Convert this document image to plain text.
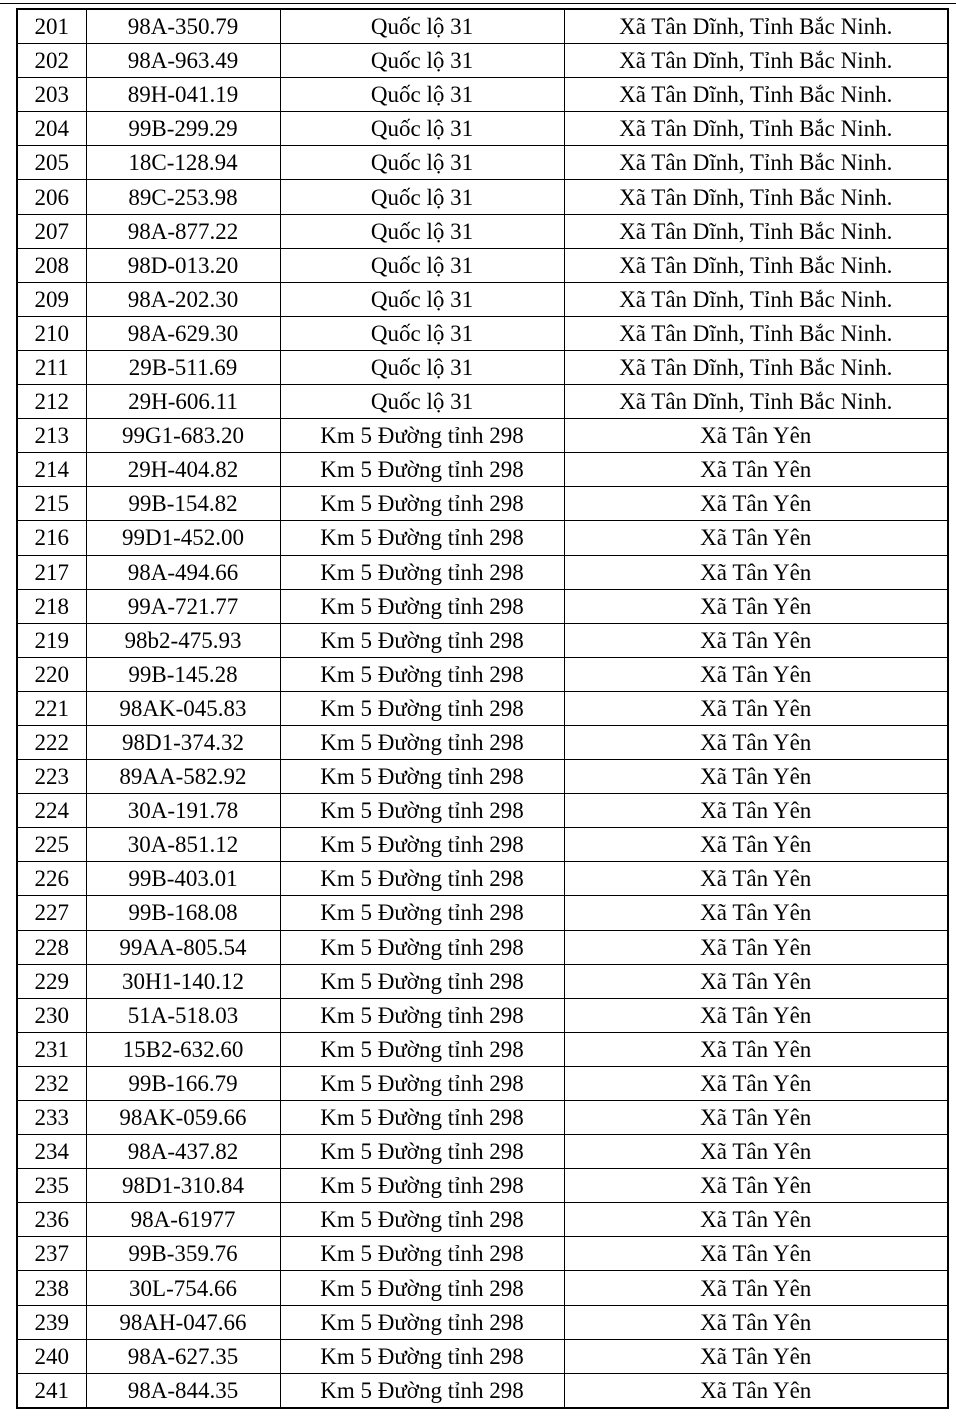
201	98A-350.79	Quốc lộ 31	Xã Tân Dĩnh, Tỉnh Bắc Ninh.
202	98A-963.49	Quốc lộ 31	Xã Tân Dĩnh, Tỉnh Bắc Ninh.
203	89H-041.19	Quốc lộ 31	Xã Tân Dĩnh, Tỉnh Bắc Ninh.
204	99B-299.29	Quốc lộ 31	Xã Tân Dĩnh, Tỉnh Bắc Ninh.
205	18C-128.94	Quốc lộ 31	Xã Tân Dĩnh, Tỉnh Bắc Ninh.
206	89C-253.98	Quốc lộ 31	Xã Tân Dĩnh, Tỉnh Bắc Ninh.
207	98A-877.22	Quốc lộ 31	Xã Tân Dĩnh, Tỉnh Bắc Ninh.
208	98D-013.20	Quốc lộ 31	Xã Tân Dĩnh, Tỉnh Bắc Ninh.
209	98A-202.30	Quốc lộ 31	Xã Tân Dĩnh, Tỉnh Bắc Ninh.
210	98A-629.30	Quốc lộ 31	Xã Tân Dĩnh, Tỉnh Bắc Ninh.
211	29B-511.69	Quốc lộ 31	Xã Tân Dĩnh, Tỉnh Bắc Ninh.
212	29H-606.11	Quốc lộ 31	Xã Tân Dĩnh, Tỉnh Bắc Ninh.
213	99G1-683.20	Km 5 Đường tỉnh 298	Xã Tân Yên
214	29H-404.82	Km 5 Đường tỉnh 298	Xã Tân Yên
215	99B-154.82	Km 5 Đường tỉnh 298	Xã Tân Yên
216	99D1-452.00	Km 5 Đường tỉnh 298	Xã Tân Yên
217	98A-494.66	Km 5 Đường tỉnh 298	Xã Tân Yên
218	99A-721.77	Km 5 Đường tỉnh 298	Xã Tân Yên
219	98b2-475.93	Km 5 Đường tỉnh 298	Xã Tân Yên
220	99B-145.28	Km 5 Đường tỉnh 298	Xã Tân Yên
221	98AK-045.83	Km 5 Đường tỉnh 298	Xã Tân Yên
222	98D1-374.32	Km 5 Đường tỉnh 298	Xã Tân Yên
223	89AA-582.92	Km 5 Đường tỉnh 298	Xã Tân Yên
224	30A-191.78	Km 5 Đường tỉnh 298	Xã Tân Yên
225	30A-851.12	Km 5 Đường tỉnh 298	Xã Tân Yên
226	99B-403.01	Km 5 Đường tỉnh 298	Xã Tân Yên
227	99B-168.08	Km 5 Đường tỉnh 298	Xã Tân Yên
228	99AA-805.54	Km 5 Đường tỉnh 298	Xã Tân Yên
229	30H1-140.12	Km 5 Đường tỉnh 298	Xã Tân Yên
230	51A-518.03	Km 5 Đường tỉnh 298	Xã Tân Yên
231	15B2-632.60	Km 5 Đường tỉnh 298	Xã Tân Yên
232	99B-166.79	Km 5 Đường tỉnh 298	Xã Tân Yên
233	98AK-059.66	Km 5 Đường tỉnh 298	Xã Tân Yên
234	98A-437.82	Km 5 Đường tỉnh 298	Xã Tân Yên
235	98D1-310.84	Km 5 Đường tỉnh 298	Xã Tân Yên
236	98A-61977	Km 5 Đường tỉnh 298	Xã Tân Yên
237	99B-359.76	Km 5 Đường tỉnh 298	Xã Tân Yên
238	30L-754.66	Km 5 Đường tỉnh 298	Xã Tân Yên
239	98AH-047.66	Km 5 Đường tỉnh 298	Xã Tân Yên
240	98A-627.35	Km 5 Đường tỉnh 298	Xã Tân Yên
241	98A-844.35	Km 5 Đường tỉnh 298	Xã Tân Yên
